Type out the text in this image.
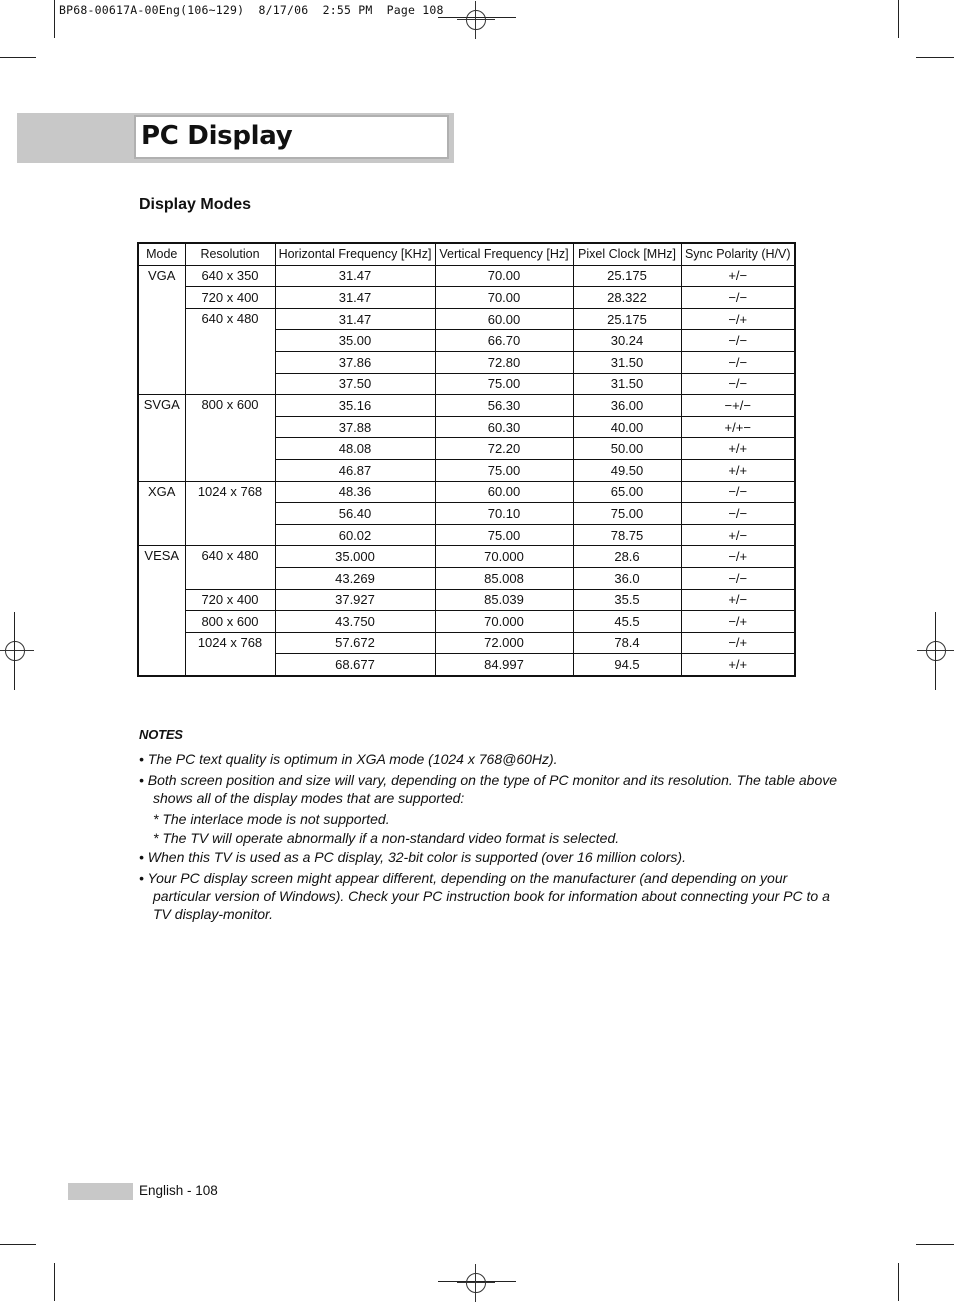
BP68-00617A-00Eng(106~129)  8/17/06  2:55 PM  Page 108
PC Display
Display Modes
Mode	Resolution	Horizontal Frequency [KHz]	Vertical Frequency [Hz]	Pixel Clock [MHz]	Sync Polarity (H/V)
VGA	640 x 350	31.47	70.00	25.175	+/−
	720 x 400	31.47	70.00	28.322	−/−
	640 x 480	31.47	60.00	25.175	−/+
		35.00	66.70	30.24	−/−
		37.86	72.80	31.50	−/−
		37.50	75.00	31.50	−/−
SVGA	800 x 600	35.16	56.30	36.00	−+/−
		37.88	60.30	40.00	+/+−
		48.08	72.20	50.00	+/+
		46.87	75.00	49.50	+/+
XGA	1024 x 768	48.36	60.00	65.00	−/−
		56.40	70.10	75.00	−/−
		60.02	75.00	78.75	+/−
VESA	640 x 480	35.000	70.000	28.6	−/+
		43.269	85.008	36.0	−/−
	720 x 400	37.927	85.039	35.5	+/−
	800 x 600	43.750	70.000	45.5	−/+
	1024 x 768	57.672	72.000	78.4	−/+
		68.677	84.997	94.5	+/+

NOTES

• The PC text quality is optimum in XGA mode (1024 x 768@60Hz).

• Both screen position and size will vary, depending on the type of PC monitor and its resolution. The table above shows all of the display modes that are supported:

* The interlace mode is not supported.

* The TV will operate abnormally if a non-standard video format is selected.

• When this TV is used as a PC display, 32-bit color is supported (over 16 million colors).

• Your PC display screen might appear different, depending on the manufacturer (and depending on your particular version of Windows). Check your PC instruction book for information about connecting your PC to a TV display-monitor.

English - 108
